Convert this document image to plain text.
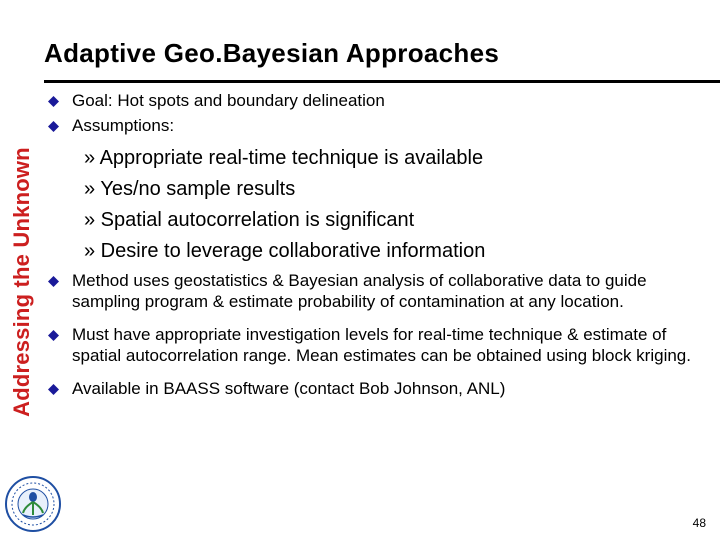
Addressing the Unknown
Adaptive Geo.Bayesian Approaches
Goal: Hot spots and boundary delineation
Assumptions:
» Appropriate real-time technique is available
» Yes/no sample results
» Spatial autocorrelation is significant
» Desire to leverage collaborative information
Method uses geostatistics & Bayesian analysis of collaborative data to guide sampling program & estimate probability of contamination at any location.
Must have appropriate investigation levels for real-time technique & estimate of spatial autocorrelation range. Mean estimates can be obtained using block kriging.
Available in BAASS software (contact Bob Johnson, ANL)
48
